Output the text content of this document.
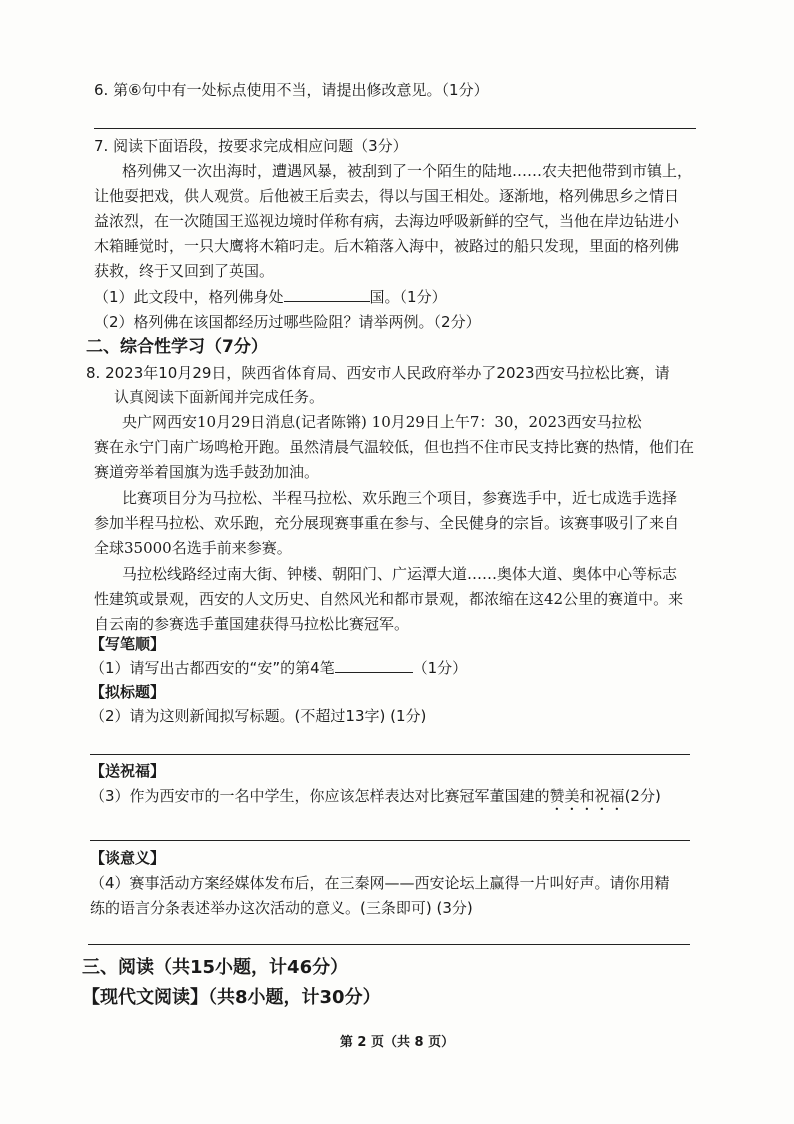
6. 第⑥句中有一处标点使用不当，请提出修改意见。（1分）
7. 阅读下面语段，按要求完成相应问题（3分）
格列佛又一次出海时，遭遇风暴，被刮到了一个陌生的陆地……农夫把他带到市镇上，
让他耍把戏，供人观赏。后他被王后卖去，得以与国王相处。逐渐地，格列佛思乡之情日
益浓烈，在一次随国王巡视边境时佯称有病，去海边呼吸新鲜的空气，当他在岸边钻进小
木箱睡觉时，一只大鹰将木箱叼走。后木箱落入海中，被路过的船只发现，里面的格列佛
获救，终于又回到了英国。
（1）此文段中，格列佛身处	国。（1分）
（2）格列佛在该国都经历过哪些险阻？请举两例。（2分）
二、综合性学习（7分）
8. 2023年10月29日，陕西省体育局、西安市人民政府举办了2023西安马拉松比赛，请
认真阅读下面新闻并完成任务。
央广网西安10月29日消息(记者陈锵) 10月29日上午7：30，2023西安马拉松
赛在永宁门南广场鸣枪开跑。虽然清晨气温较低，但也挡不住市民支持比赛的热情，他们在
赛道旁举着国旗为选手鼓劲加油。
比赛项目分为马拉松、半程马拉松、欢乐跑三个项目，参赛选手中，近七成选手选择
参加半程马拉松、欢乐跑，充分展现赛事重在参与、全民健身的宗旨。该赛事吸引了来自
全球35000名选手前来参赛。
马拉松线路经过南大街、钟楼、朝阳门、广运潭大道……奥体大道、奥体中心等标志
性建筑或景观，西安的人文历史、自然风光和都市景观，都浓缩在这42公里的赛道中。来
自云南的参赛选手董国建获得马拉松比赛冠军。
【写笔顺】
（1）请写出古都西安的“安”的第4笔	（1分）
【拟标题】
（2）请为这则新闻拟写标题。(不超过13字) (1分)
【送祝福】
（3）作为西安市的一名中学生，你应该怎样表达对比赛冠军董国建的赞美和祝福(2分)
【谈意义】
（4）赛事活动方案经媒体发布后，在三秦网——西安论坛上赢得一片叫好声。请你用精
练的语言分条表述举办这次活动的意义。(三条即可) (3分)
三、阅读（共15小题，计46分）
【现代文阅读】（共8小题，计30分）
第 2 页（共 8 页）
